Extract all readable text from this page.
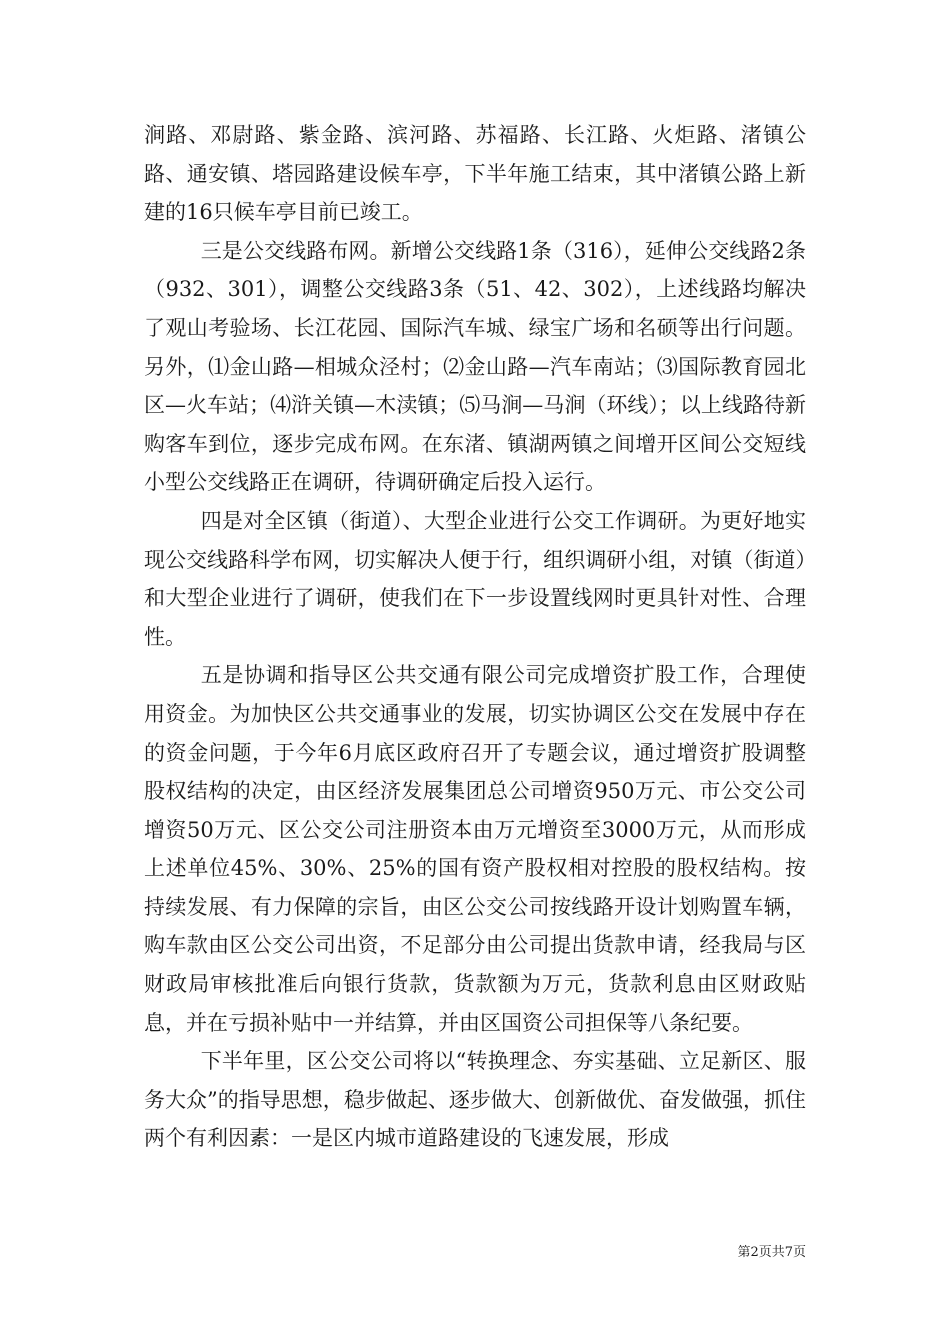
涧路、邓尉路、紫金路、滨河路、苏福路、长江路、火炬路、渚镇公路、通安镇、塔园路建设候车亭，下半年施工结束，其中渚镇公路上新建的16只候车亭目前已竣工。

三是公交线路布网。新增公交线路1条（316），延伸公交线路2条（932、301），调整公交线路3条（51、42、302），上述线路均解决了观山考验场、长江花园、国际汽车城、绿宝广场和名硕等出行问题。另外，⑴金山路—相城众泾村；⑵金山路—汽车南站；⑶国际教育园北区—火车站；⑷浒关镇—木渎镇；⑸马涧—马涧（环线）；以上线路待新购客车到位，逐步完成布网。在东渚、镇湖两镇之间增开区间公交短线小型公交线路正在调研，待调研确定后投入运行。

四是对全区镇（街道）、大型企业进行公交工作调研。为更好地实现公交线路科学布网，切实解决人便于行，组织调研小组，对镇（街道）和大型企业进行了调研，使我们在下一步设置线网时更具针对性、合理性。

五是协调和指导区公共交通有限公司完成增资扩股工作，合理使用资金。为加快区公共交通事业的发展，切实协调区公交在发展中存在的资金问题，于今年6月底区政府召开了专题会议，通过增资扩股调整股权结构的决定，由区经济发展集团总公司增资950万元、市公交公司增资50万元、区公交公司注册资本由万元增资至3000万元，从而形成上述单位45%、30%、25%的国有资产股权相对控股的股权结构。按持续发展、有力保障的宗旨，由区公交公司按线路开设计划购置车辆，购车款由区公交公司出资，不足部分由公司提出货款申请，经我局与区财政局审核批准后向银行货款，货款额为万元，货款利息由区财政贴息，并在亏损补贴中一并结算，并由区国资公司担保等八条纪要。

下半年里，区公交公司将以“转换理念、夯实基础、立足新区、服务大众”的指导思想，稳步做起、逐步做大、创新做优、奋发做强，抓住两个有利因素：一是区内城市道路建设的飞速发展，形成

第2页共7页
